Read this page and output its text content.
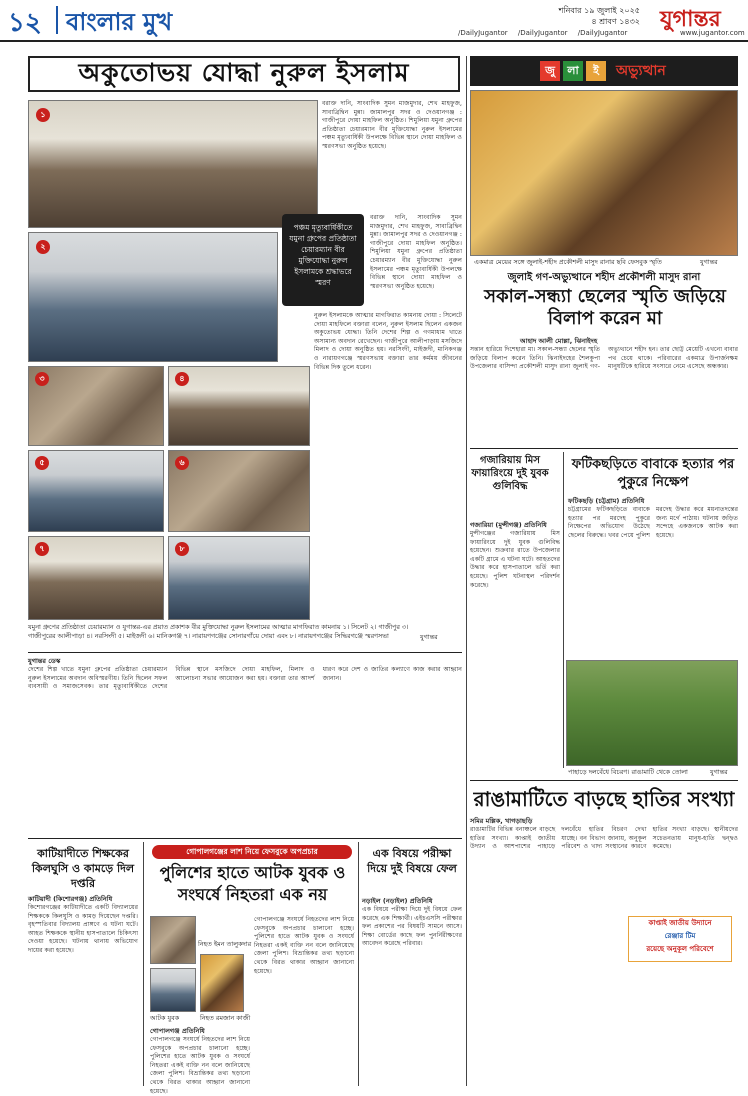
১২ বাংলার মুখ	শনিবার ১৯ জুলাই ২০২৫
৪ শ্রাবণ ১৪৩২ যুগান্তর
/DailyJugantor /DailyJugantor /DailyJugantor	www.jugantor.com
অকুতোভয় যোদ্ধা নুরুল ইসলাম
১
২
পঞ্চম মৃত্যুবার্ষিকীতে যমুনা গ্রুপের প্রতিষ্ঠাতা চেয়ারম্যান বীর মুক্তিযোদ্ধা নুরুল ইসলামকে শ্রদ্ধাভরে স্মরণ
৩	৪
৫	৬
৭	৮

বরাক্ত দানি, সাংবাদিক সুমন মাজমুদার, শেখ মাহফুজ, সাবাব্রিদ্বিন মুন্না। জামালপুর সদর ও দেওয়ানগঞ্জ : গাজীপুরে দোয়া মাহফিল অনুষ্ঠিত। শিমুলিয়া যমুনা গ্রুপের প্রতিষ্ঠাতা চেয়ারম্যান বীর মুক্তিযোদ্ধা নুরুল ইসলামের পঞ্চম মৃত্যুবার্ষিকী উপলক্ষে বিভিন্ন স্থানে দোয়া মাহফিল ও স্মরণসভা অনুষ্ঠিত হয়েছে।

বরাক্ত দানি, সাংবাদিক সুমন মাজমুদার, শেখ মাহফুজ, সাবাব্রিদ্বিন মুন্না। জামালপুর সদর ও দেওয়ানগঞ্জ : গাজীপুরে দোয়া মাহফিল অনুষ্ঠিত। শিমুলিয়া যমুনা গ্রুপের প্রতিষ্ঠাতা চেয়ারম্যান বীর মুক্তিযোদ্ধা নুরুল ইসলামের পঞ্চম মৃত্যুবার্ষিকী উপলক্ষে বিভিন্ন স্থানে দোয়া মাহফিল ও স্মরণসভা অনুষ্ঠিত হয়েছে।

নুরুল ইসলামকে আত্মার মাগফিরাত কামনায় দোয়া : সিলেটে দোয়া মাহফিলে বক্তারা বলেন, নুরুল ইসলাম ছিলেন একজন অকুতোভয় যোদ্ধা। তিনি দেশের শিল্প ও গণমাধ্যম খাতে অসামান্য অবদান রেখেছেন। গাজীপুরে আলীপাড়ায় মসজিদে মিলাদ ও দোয়া অনুষ্ঠিত হয়। নরসিংদী, মাইজদী, মানিকগঞ্জ ও নারায়ণগঞ্জে স্মরণসভায় বক্তারা তার কর্মময় জীবনের বিভিন্ন দিক তুলে ধরেন।

যমুনা গ্রুপের প্রতিষ্ঠাতা চেয়ারম্যান ও যুগান্তর-এর প্রয়াত প্রকাশক বীর মুক্তিযোদ্ধা নুরুল ইসলামের আত্মার মাগফিরাত কামনায় ১। সিলেট ২। গাজীপুর ৩। গাজীপুরের আলীপাড়া ৪। নরসিংদী ৫। মাইজদী ৬। মানিকগঞ্জ ৭। নারায়ণগঞ্জের সোনারগাঁয়ে দোয়া এবং ৮। নারায়ণগঞ্জের সিদ্ধিরগঞ্জে স্মরণসভা	যুগান্তর
যুগান্তর ডেস্ক

দেশের শিল্প খাতে যমুনা গ্রুপের প্রতিষ্ঠাতা চেয়ারম্যান নুরুল ইসলামের অবদান অবিস্মরণীয়। তিনি ছিলেন সফল ব্যবসায়ী ও সমাজসেবক। তার মৃত্যুবার্ষিকীতে দেশের বিভিন্ন স্থানে মসজিদে দোয়া মাহফিল, মিলাদ ও আলোচনা সভার আয়োজন করা হয়। বক্তারা তার আদর্শ ধারণ করে দেশ ও জাতির কল্যাণে কাজ করার আহ্বান জানান।

জু	লা	ই	অভ্যুত্থান
একমাত্র মেয়ের সঙ্গে জুলাই-শহীদ প্রকৌশলী মাসুদ রানার ছবি ফেসবুক স্মৃতি	যুগান্তর
জুলাই গণ-অভ্যুত্থানে শহীদ প্রকৌশলী মাসুদ রানা
সকাল-সন্ধ্যা ছেলের স্মৃতি জড়িয়ে বিলাপ করেন মা
আহাদ আলী মোল্লা, ঝিনাইদহ

সন্তান হারিয়ে দিশেহারা মা। সকাল-সন্ধ্যা ছেলের স্মৃতি জড়িয়ে বিলাপ করেন তিনি। ঝিনাইদহের শৈলকুপা উপজেলার বাসিন্দা প্রকৌশলী মাসুদ রানা জুলাই গণ-অভ্যুত্থানে শহীদ হন। তার ছোট্ট মেয়েটি এখনো বাবার পথ চেয়ে থাকে। পরিবারের একমাত্র উপার্জনক্ষম মানুষটিকে হারিয়ে সংসারে নেমে এসেছে অন্ধকার।

গজারিয়ায় মিস ফায়ারিংয়ে দুই যুবক গুলিবিদ্ধ
গজারিয়া (মুন্সীগঞ্জ) প্রতিনিধি

মুন্সীগঞ্জের গজারিয়ায় মিস ফায়ারিংয়ে দুই যুবক গুলিবিদ্ধ হয়েছেন। শুক্রবার রাতে উপজেলার একটি গ্রামে এ ঘটনা ঘটে। আহতদের উদ্ধার করে হাসপাতালে ভর্তি করা হয়েছে। পুলিশ ঘটনাস্থল পরিদর্শন করেছে।

ফটিকছড়িতে বাবাকে হত্যার পর পুকুরে নিক্ষেপ
ফটিকছড়ি (চট্টগ্রাম) প্রতিনিধি

চট্টগ্রামের ফটিকছড়িতে বাবাকে হত্যার পর মরদেহ পুকুরে নিক্ষেপের অভিযোগ উঠেছে ছেলের বিরুদ্ধে। খবর পেয়ে পুলিশ মরদেহ উদ্ধার করে ময়নাতদন্তের জন্য মর্গে পাঠায়। ঘটনায় জড়িত সন্দেহে একজনকে আটক করা হয়েছে।

পাহাড়ে দলবেঁধে বিচরণ। রাঙামাটি থেকে তোলা	যুগান্তর
রাঙামাটিতে বাড়ছে হাতির সংখ্যা
সমির মল্লিক, খাগড়াছড়ি

রাঙামাটির বিভিন্ন বনাঞ্চলে বাড়ছে হাতির সংখ্যা। কাপ্তাই জাতীয় উদ্যান ও আশপাশের পাহাড়ে দলবেঁধে হাতির বিচরণ দেখা যাচ্ছে। বন বিভাগ জানায়, অনুকূল পরিবেশ ও খাদ্য সংস্থানের কারণে হাতির সংখ্যা বাড়ছে। স্থানীয়দের সচেতনতায় মানুষ-হাতি দ্বন্দ্বও কমেছে।

কাপ্তাই জাতীয় উদ্যানে
রেঞ্জার টিম
রয়েছে অনুকূল পরিবেশে
কাটিয়াদীতে শিক্ষকের কিলঘুসি ও কামড়ে দিল দপ্তরি
কাটিয়াদী (কিশোরগঞ্জ) প্রতিনিধি

কিশোরগঞ্জের কাটিয়াদীতে একটি বিদ্যালয়ের শিক্ষককে কিলঘুসি ও কামড় দিয়েছেন দপ্তরি। বৃহস্পতিবার বিদ্যালয় প্রাঙ্গণে এ ঘটনা ঘটে। আহত শিক্ষককে স্থানীয় হাসপাতালে চিকিৎসা দেওয়া হয়েছে। ঘটনায় থানায় অভিযোগ দায়ের করা হয়েছে।

গোপালগঞ্জের লাশ নিয়ে ফেসবুকে অপপ্রচার
পুলিশের হাতে আটক যুবক ও সংঘর্ষে নিহতরা এক নয়
নিহত ইমন তালুকদার
আটক যুবক	নিহত রমজান কাজী
গোপালগঞ্জ প্রতিনিধি

গোপালগঞ্জে সংঘর্ষে নিহতদের লাশ নিয়ে ফেসবুকে অপপ্রচার চালানো হচ্ছে। পুলিশের হাতে আটক যুবক ও সংঘর্ষে নিহতরা একই ব্যক্তি নন বলে জানিয়েছে জেলা পুলিশ। বিভ্রান্তিকর তথ্য ছড়ানো থেকে বিরত থাকার আহ্বান জানানো হয়েছে।

গোপালগঞ্জে সংঘর্ষে নিহতদের লাশ নিয়ে ফেসবুকে অপপ্রচার চালানো হচ্ছে। পুলিশের হাতে আটক যুবক ও সংঘর্ষে নিহতরা একই ব্যক্তি নন বলে জানিয়েছে জেলা পুলিশ। বিভ্রান্তিকর তথ্য ছড়ানো থেকে বিরত থাকার আহ্বান জানানো হয়েছে।

এক বিষয়ে পরীক্ষা দিয়ে দুই বিষয়ে ফেল
নড়াইল (নড়াইল) প্রতিনিধি

এক বিষয়ে পরীক্ষা দিয়ে দুই বিষয়ে ফেল করেছে এক শিক্ষার্থী। এইচএসসি পরীক্ষার ফল প্রকাশের পর বিষয়টি সামনে আসে। শিক্ষা বোর্ডের কাছে ফল পুনর্নিরীক্ষণের আবেদন করেছে পরিবার।
